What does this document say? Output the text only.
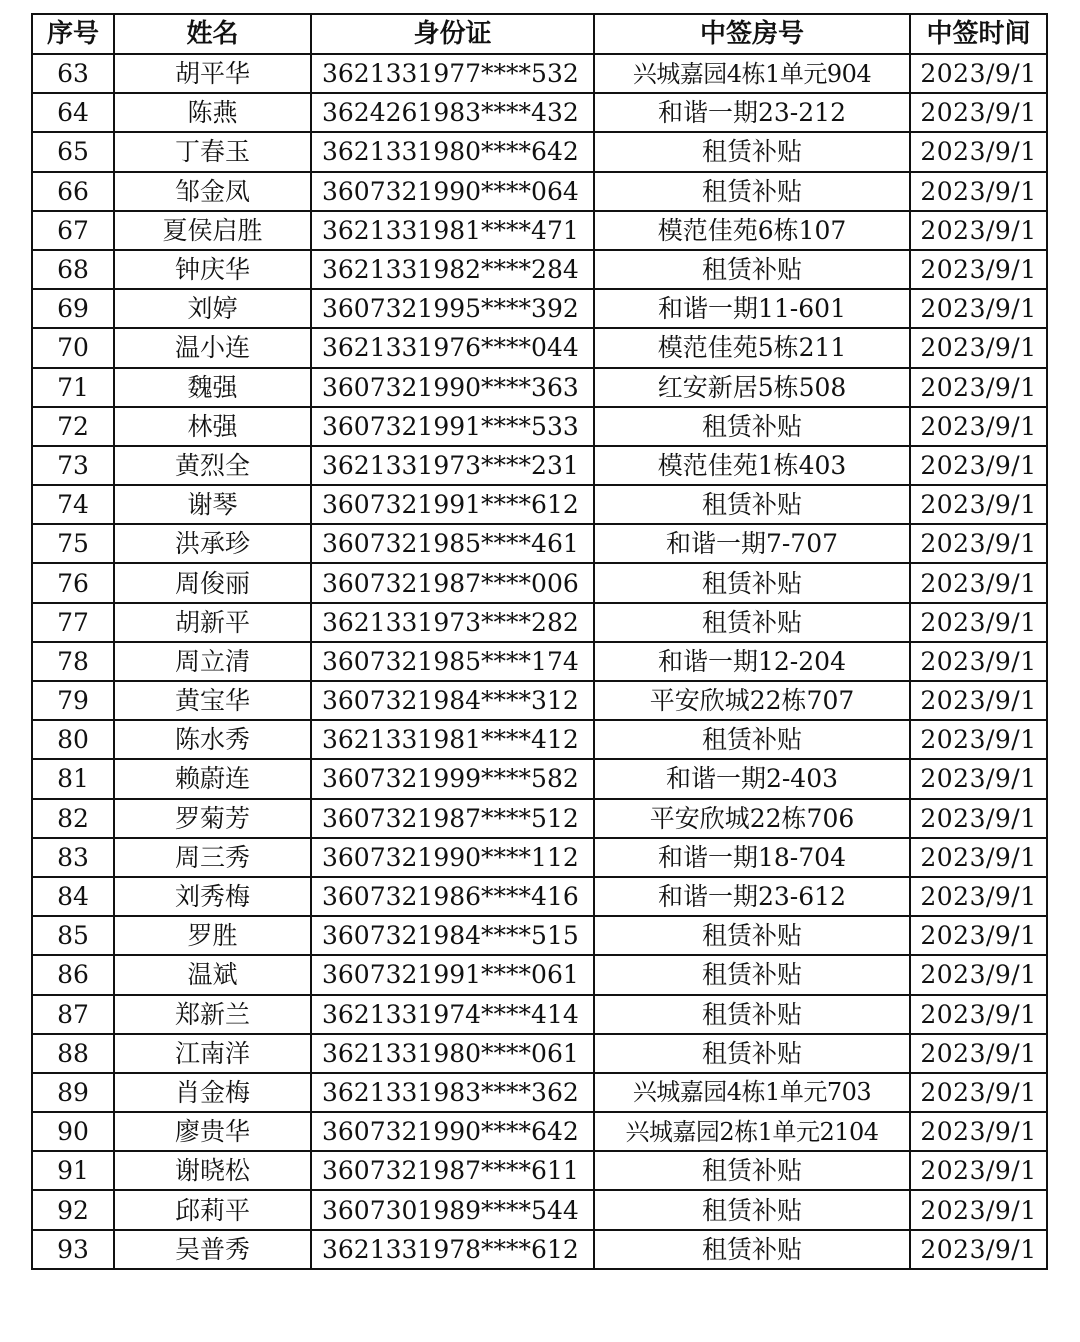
序号	姓名	身份证	中签房号	中签时间
63	胡平华	3621331977****532	兴城嘉园4栋1单元904	2023/9/1
64	陈燕	3624261983****432	和谐一期23-212	2023/9/1
65	丁春玉	3621331980****642	租赁补贴	2023/9/1
66	邹金凤	3607321990****064	租赁补贴	2023/9/1
67	夏侯启胜	3621331981****471	模范佳苑6栋107	2023/9/1
68	钟庆华	3621331982****284	租赁补贴	2023/9/1
69	刘婷	3607321995****392	和谐一期11-601	2023/9/1
70	温小连	3621331976****044	模范佳苑5栋211	2023/9/1
71	魏强	3607321990****363	红安新居5栋508	2023/9/1
72	林强	3607321991****533	租赁补贴	2023/9/1
73	黄烈全	3621331973****231	模范佳苑1栋403	2023/9/1
74	谢琴	3607321991****612	租赁补贴	2023/9/1
75	洪承珍	3607321985****461	和谐一期7-707	2023/9/1
76	周俊丽	3607321987****006	租赁补贴	2023/9/1
77	胡新平	3621331973****282	租赁补贴	2023/9/1
78	周立清	3607321985****174	和谐一期12-204	2023/9/1
79	黄宝华	3607321984****312	平安欣城22栋707	2023/9/1
80	陈水秀	3621331981****412	租赁补贴	2023/9/1
81	赖蔚连	3607321999****582	和谐一期2-403	2023/9/1
82	罗菊芳	3607321987****512	平安欣城22栋706	2023/9/1
83	周三秀	3607321990****112	和谐一期18-704	2023/9/1
84	刘秀梅	3607321986****416	和谐一期23-612	2023/9/1
85	罗胜	3607321984****515	租赁补贴	2023/9/1
86	温斌	3607321991****061	租赁补贴	2023/9/1
87	郑新兰	3621331974****414	租赁补贴	2023/9/1
88	江南洋	3621331980****061	租赁补贴	2023/9/1
89	肖金梅	3621331983****362	兴城嘉园4栋1单元703	2023/9/1
90	廖贵华	3607321990****642	兴城嘉园2栋1单元2104	2023/9/1
91	谢晓松	3607321987****611	租赁补贴	2023/9/1
92	邱莉平	3607301989****544	租赁补贴	2023/9/1
93	吴普秀	3621331978****612	租赁补贴	2023/9/1
